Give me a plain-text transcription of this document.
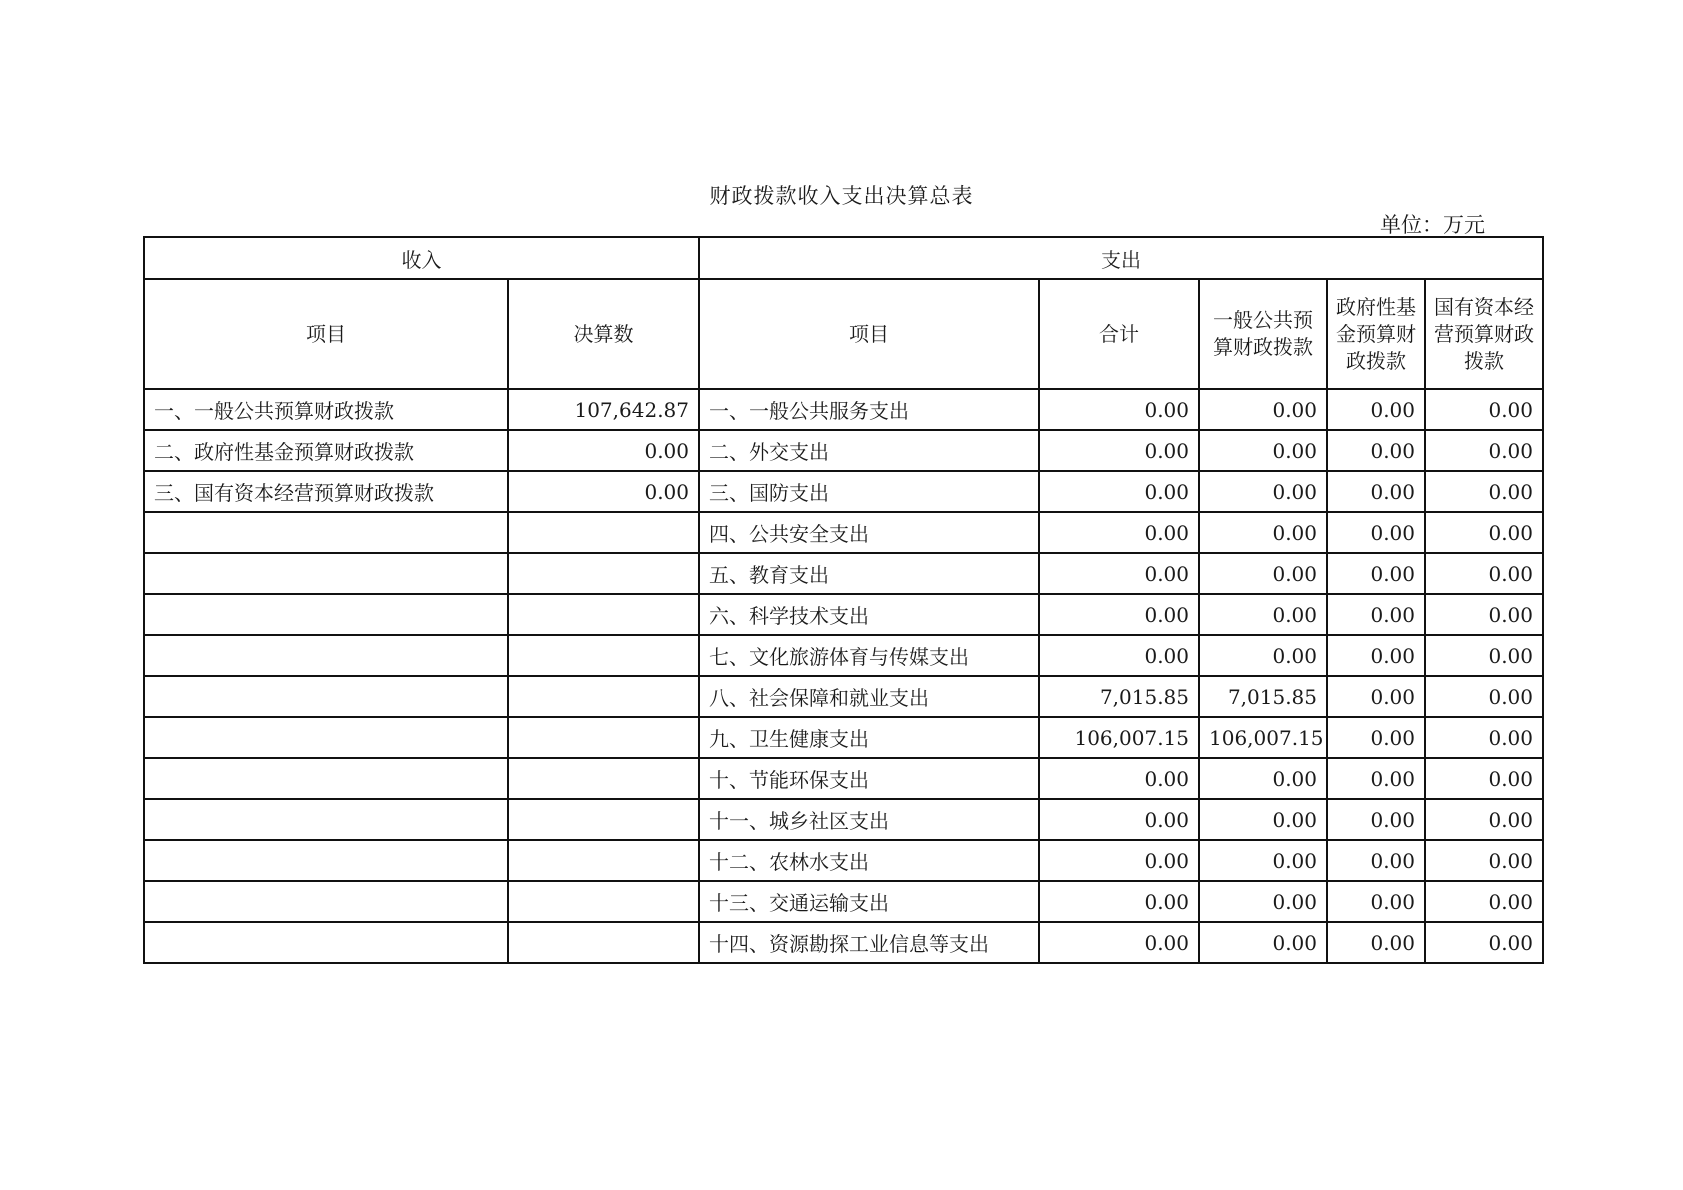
财政拨款收入支出决算总表
单位：万元
收入		支出				
项目	决算数	项目	合计	一般公共预算财政拨款	政府性基金预算财政拨款	国有资本经营预算财政拨款
一、一般公共预算财政拨款	107,642.87	一、一般公共服务支出	0.00	0.00	0.00	0.00
二、政府性基金预算财政拨款	0.00	二、外交支出	0.00	0.00	0.00	0.00
三、国有资本经营预算财政拨款	0.00	三、国防支出	0.00	0.00	0.00	0.00
		四、公共安全支出	0.00	0.00	0.00	0.00
		五、教育支出	0.00	0.00	0.00	0.00
		六、科学技术支出	0.00	0.00	0.00	0.00
		七、文化旅游体育与传媒支出	0.00	0.00	0.00	0.00
		八、社会保障和就业支出	7,015.85	7,015.85	0.00	0.00
		九、卫生健康支出	106,007.15	106,007.15	0.00	0.00
		十、节能环保支出	0.00	0.00	0.00	0.00
		十一、城乡社区支出	0.00	0.00	0.00	0.00
		十二、农林水支出	0.00	0.00	0.00	0.00
		十三、交通运输支出	0.00	0.00	0.00	0.00
		十四、资源勘探工业信息等支出	0.00	0.00	0.00	0.00
